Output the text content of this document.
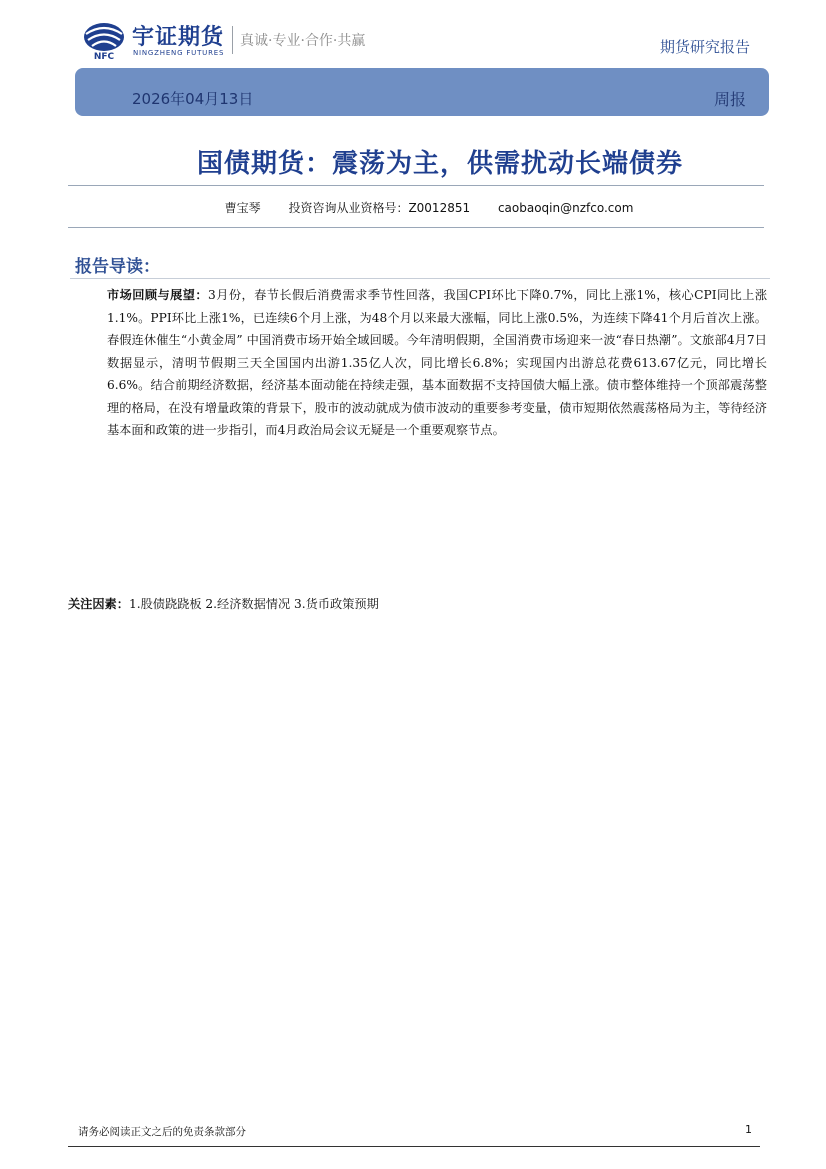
NFC
宇证期货
NINGZHENG FUTURES
真诚·专业·合作·共赢	期货研究报告
2026年04月13日	周报
国债期货：震荡为主，供需扰动长端债券
曹宝琴 投资咨询从业资格号：Z0012851 caobaoqin@nzfco.com
报告导读：
市场回顾与展望：3月份，春节长假后消费需求季节性回落，我国CPI环比下降0.7%，同比上涨1%，核心CPI同比上涨1.1%。PPI环比上涨1%，已连续6个月上涨，为48个月以来最大涨幅，同比上涨0.5%，为连续下降41个月后首次上涨。春假连休催生“小黄金周” 中国消费市场开始全域回暖。今年清明假期，全国消费市场迎来一波“春日热潮”。文旅部4月7日数据显示，清明节假期三天全国国内出游1.35亿人次，同比增长6.8%；实现国内出游总花费613.67亿元，同比增长6.6%。结合前期经济数据，经济基本面动能在持续走强，基本面数据不支持国债大幅上涨。债市整体维持一个顶部震荡整理的格局，在没有增量政策的背景下，股市的波动就成为债市波动的重要参考变量，债市短期依然震荡格局为主，等待经济基本面和政策的进一步指引，而4月政治局会议无疑是一个重要观察节点。
关注因素：1.股债跷跷板 2.经济数据情况 3.货币政策预期
请务必阅读正文之后的免责条款部分	1
